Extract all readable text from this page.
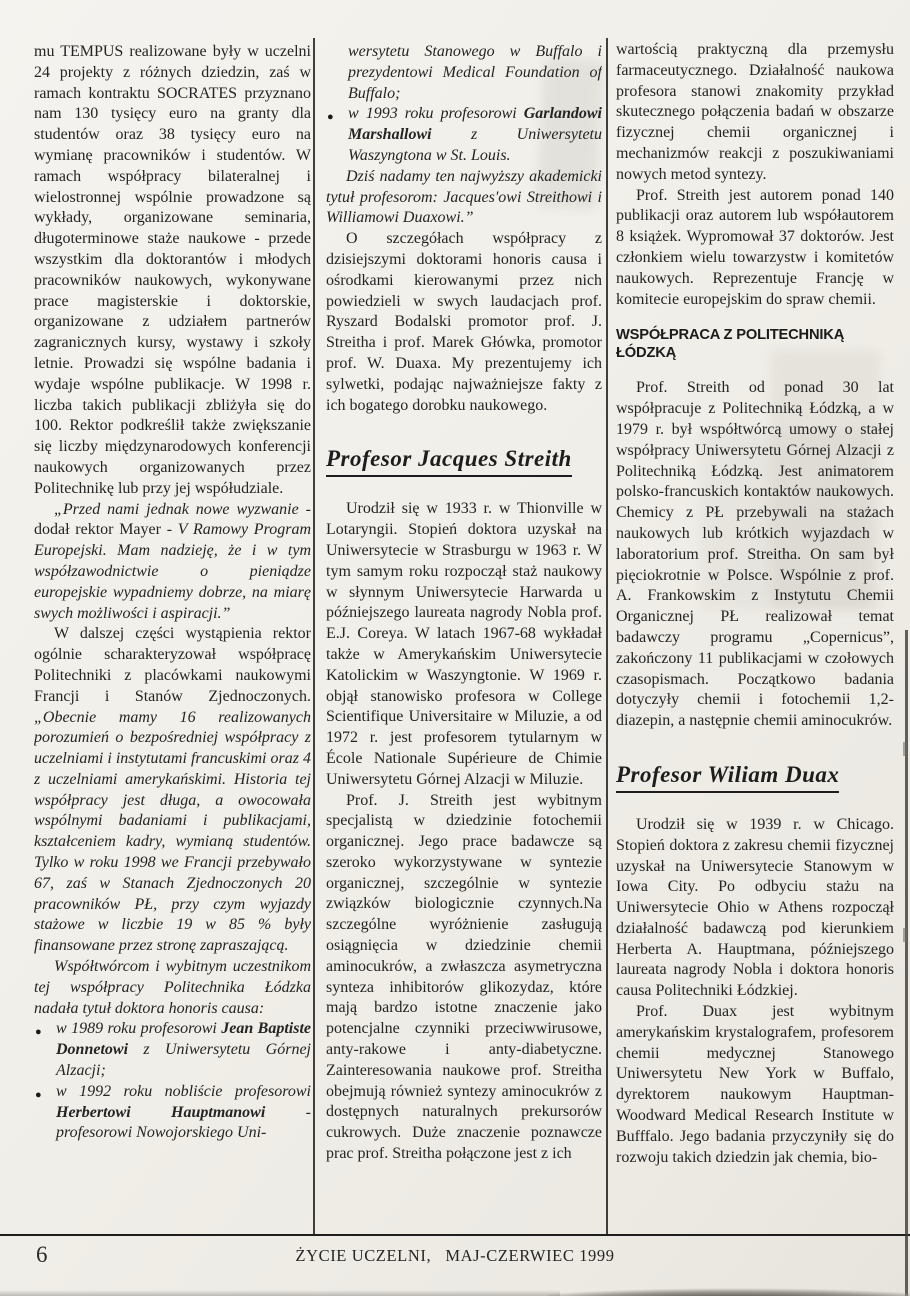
mu TEMPUS realizowane były w uczelni 24 projekty z różnych dziedzin, zaś w ramach kontraktu SOCRATES przyznano nam 130 tysięcy euro na granty dla studentów oraz 38 tysięcy euro na wymianę pracowników i studentów. W ramach współpracy bilateralnej i wielostronnej wspólnie prowadzone są wykłady, organizowane seminaria, długoterminowe staże naukowe - przede wszystkim dla doktorantów i młodych pracowników naukowych, wykonywane prace magisterskie i doktorskie, organizowane z udziałem partnerów zagranicznych kursy, wystawy i szkoły letnie. Prowadzi się wspólne badania i wydaje wspólne publikacje. W 1998 r. liczba takich publikacji zbliżyła się do 100. Rektor podkreślił także zwiększanie się liczby międzynarodowych konferencji naukowych organizowanych przez Politechnikę lub przy jej współudziale.

„Przed nami jednak nowe wyzwanie - dodał rektor Mayer - V Ramowy Program Europejski. Mam nadzieję, że i w tym współzawodnictwie o pieniądze europejskie wypadniemy dobrze, na miarę swych możliwości i aspiracji.”

W dalszej części wystąpienia rektor ogólnie scharakteryzował współpracę Politechniki z placówkami naukowymi Francji i Stanów Zjednoczonych. „Obecnie mamy 16 realizowanych porozumień o bezpośredniej współpracy z uczelniami i instytutami francuskimi oraz 4 z uczelniami amerykańskimi. Historia tej współpracy jest długa, a owocowała wspólnymi badaniami i publikacjami, kształceniem kadry, wymianą studentów. Tylko w roku 1998 we Francji przebywało 67, zaś w Stanach Zjednoczonych 20 pracowników PŁ, przy czym wyjazdy stażowe w liczbie 19 w 85 % były finansowane przez stronę zapraszającą.

Współtwórcom i wybitnym uczestnikom tej współpracy Politechnika Łódzka nadała tytuł doktora honoris causa:

● w 1989 roku profesorowi Jean Baptiste Donnetowi z Uniwersytetu Górnej Alzacji;

● w 1992 roku nobliście profesorowi Herbertowi Hauptmanowi - profesorowi Nowojorskiego Uni-

wersytetu Stanowego w Buffalo i prezydentowi Medical Foundation of Buffalo;

● w 1993 roku profesorowi Garlandowi Marshallowi z Uniwersytetu Waszyngtona w St. Louis.

Dziś nadamy ten najwyższy akademicki tytuł profesorom: Jacques'owi Streithowi i Williamowi Duaxowi.”

O szczegółach współpracy z dzisiejszymi doktorami honoris causa i ośrodkami kierowanymi przez nich powiedzieli w swych laudacjach prof. Ryszard Bodalski promotor prof. J. Streitha i prof. Marek Główka, promotor prof. W. Duaxa. My prezentujemy ich sylwetki, podając najważniejsze fakty z ich bogatego dorobku naukowego.

Profesor Jacques Streith

Urodził się w 1933 r. w Thionville w Lotaryngii. Stopień doktora uzyskał na Uniwersytecie w Strasburgu w 1963 r. W tym samym roku rozpoczął staż naukowy w słynnym Uniwersytecie Harwarda u późniejszego laureata nagrody Nobla prof. E.J. Coreya. W latach 1967-68 wykładał także w Amerykańskim Uniwersytecie Katolickim w Waszyngtonie. W 1969 r. objął stanowisko profesora w College Scientifique Universitaire w Miluzie, a od 1972 r. jest profesorem tytularnym w École Nationale Supérieure de Chimie Uniwersytetu Górnej Alzacji w Miluzie.

Prof. J. Streith jest wybitnym specjalistą w dziedzinie fotochemii organicznej. Jego prace badawcze są szeroko wykorzystywane w syntezie organicznej, szczególnie w syntezie związków biologicznie czynnych.Na szczególne wyróżnienie zasługują osiągnięcia w dziedzinie chemii aminocukrów, a zwłaszcza asymetryczna synteza inhibitorów glikozydaz, które mają bardzo istotne znaczenie jako potencjalne czynniki przeciwwirusowe, anty-rakowe i anty-diabetyczne. Zainteresowania naukowe prof. Streitha obejmują również syntezy aminocukrów z dostępnych naturalnych prekursorów cukrowych. Duże znaczenie poznawcze prac prof. Streitha połączone jest z ich

wartością praktyczną dla przemysłu farmaceutycznego. Działalność naukowa profesora stanowi znakomity przykład skutecznego połączenia badań w obszarze fizycznej chemii organicznej i mechanizmów reakcji z poszukiwaniami nowych metod syntezy.

Prof. Streith jest autorem ponad 140 publikacji oraz autorem lub współautorem 8 książek. Wypromował 37 doktorów. Jest członkiem wielu towarzystw i komitetów naukowych. Reprezentuje Francję w komitecie europejskim do spraw chemii.

WSPÓŁPRACA Z POLITECHNIKĄ ŁÓDZKĄ

Prof. Streith od ponad 30 lat współpracuje z Politechniką Łódzką, a w 1979 r. był współtwórcą umowy o stałej współpracy Uniwersytetu Górnej Alzacji z Politechniką Łódzką. Jest animatorem polsko-francuskich kontaktów naukowych. Chemicy z PŁ przebywali na stażach naukowych lub krótkich wyjazdach w laboratorium prof. Streitha. On sam był pięciokrotnie w Polsce. Wspólnie z prof. A. Frankowskim z Instytutu Chemii Organicznej PŁ realizował temat badawczy programu „Copernicus”, zakończony 11 publikacjami w czołowych czasopismach. Początkowo badania dotyczyły chemii i fotochemii 1,2-diazepin, a następnie chemii aminocukrów.

Profesor Wiliam Duax

Urodził się w 1939 r. w Chicago. Stopień doktora z zakresu chemii fizycznej uzyskał na Uniwersytecie Stanowym w Iowa City. Po odbyciu stażu na Uniwersytecie Ohio w Athens rozpoczął działalność badawczą pod kierunkiem Herberta A. Hauptmana, późniejszego laureata nagrody Nobla i doktora honoris causa Politechniki Łódzkiej.

Prof. Duax jest wybitnym amerykańskim krystalografem, profesorem chemii medycznej Stanowego Uniwersytetu New York w Buffalo, dyrektorem naukowym Hauptman-Woodward Medical Research Institute w Bufffalo. Jego badania przyczyniły się do rozwoju takich dziedzin jak chemia, bio-

6	ŻYCIE UCZELNI,   MAJ-CZERWIEC 1999
